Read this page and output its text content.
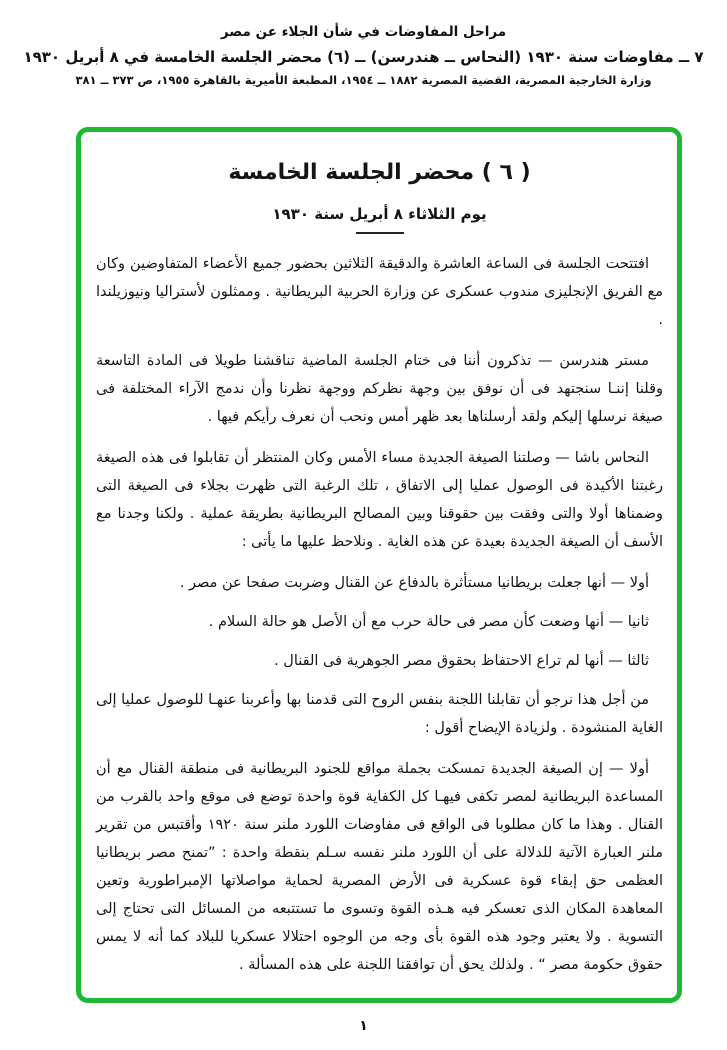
مراحل المفاوضات في شأن الجلاء عن مصر
٧ ــ مفاوضات سنة ١٩٣٠ (النحاس ــ هندرسن) ــ (٦) محضر الجلسة الخامسة في ٨ أبريل ١٩٣٠
وزارة الخارجية المصرية، القضية المصرية ١٨٨٢ ــ ١٩٥٤، المطبعة الأميرية بالقاهرة ١٩٥٥، ص ٣٧٣ ــ ٣٨١
( ٦ ) محضر الجلسة الخامسة
يوم الثلاثاء ٨ أبريل سنة ١٩٣٠

افتتحت الجلسة فى الساعة العاشرة والدقيقة الثلاثين بحضور جميع الأعضاء المتفاوضين وكان مع الفريق الإنجليزى مندوب عسكرى عن وزارة الحربية البريطانية . وممثلون لأستراليا ونيوزيلندا .

مستر هندرسن — تذكرون أننا فى ختام الجلسة الماضية تناقشنا طويلا فى المادة التاسعة وقلنا إننـا سنجتهد فى أن نوفق بين وجهة نظركم ووجهة نظرنا وأن ندمج الآراء المختلفة فى صيغة نرسلها إليكم ولقد أرسلناها بعد ظهر أمس ونحب أن نعرف رأيكم فيها .

النحاس باشا — وصلتنا الصيغة الجديدة مساء الأمس وكان المنتظر أن تقابلوا فى هذه الصيغة رغبتنا الأكيدة فى الوصول عمليا إلى الاتفاق ، تلك الرغبة التى ظهرت بجلاء فى الصيغة التى وضمناها أولا والتى وفقت بين حقوقنا وبين المصالح البريطانية بطريقة عملية . ولكنا وجدنا مع الأسف أن الصيغة الجديدة بعيدة عن هذه الغاية . ونلاحظ عليها ما يأتى :

أولا — أنها جعلت بريطانيا مستأثرة بالدفاع عن القنال وضربت صفحا عن مصر .

ثانيا — أنها وضعت كأن مصر فى حالة حرب مع أن الأصل هو حالة السلام .

ثالثا — أنها لم تراع الاحتفاظ بحقوق مصر الجوهرية فى القنال .

من أجل هذا نرجو أن تقابلنا اللجنة بنفس الروح التى قدمنا بها وأعربنا عنهـا للوصول عمليا إلى الغاية المنشودة . ولزيادة الإيضاح أقول :

أولا — إن الصيغة الجديدة تمسكت بجملة مواقع للجنود البريطانية فى منطقة القنال مع أن المساعدة البريطانية لمصر تكفى فيهـا كل الكفاية قوة واحدة توضع فى موقع واحد بالقرب من القنال . وهذا ما كان مطلوبا فى الواقع فى مفاوضات اللورد ملنر سنة ١٩٢٠ وأقتبس من تقرير ملنر العبارة الآتية للدلالة على أن اللورد ملنر نفسه سـلم بنقطة واحدة : ”تمنح مصر بريطانيا العظمى حق إبقاء قوة عسكرية فى الأرض المصرية لحماية مواصلاتها الإمبراطورية وتعين المعاهدة المكان الذى تعسكر فيه هـذه القوة وتسوى ما تستتبعه من المسائل التى تحتاج إلى التسوية . ولا يعتبر وجود هذه القوة بأى وجه من الوجوه احتلالا عسكريا للبلاد كما أنه لا يمس حقوق حكومة مصر “ . ولذلك يحق أن توافقنا اللجنة على هذه المسألة .

١
